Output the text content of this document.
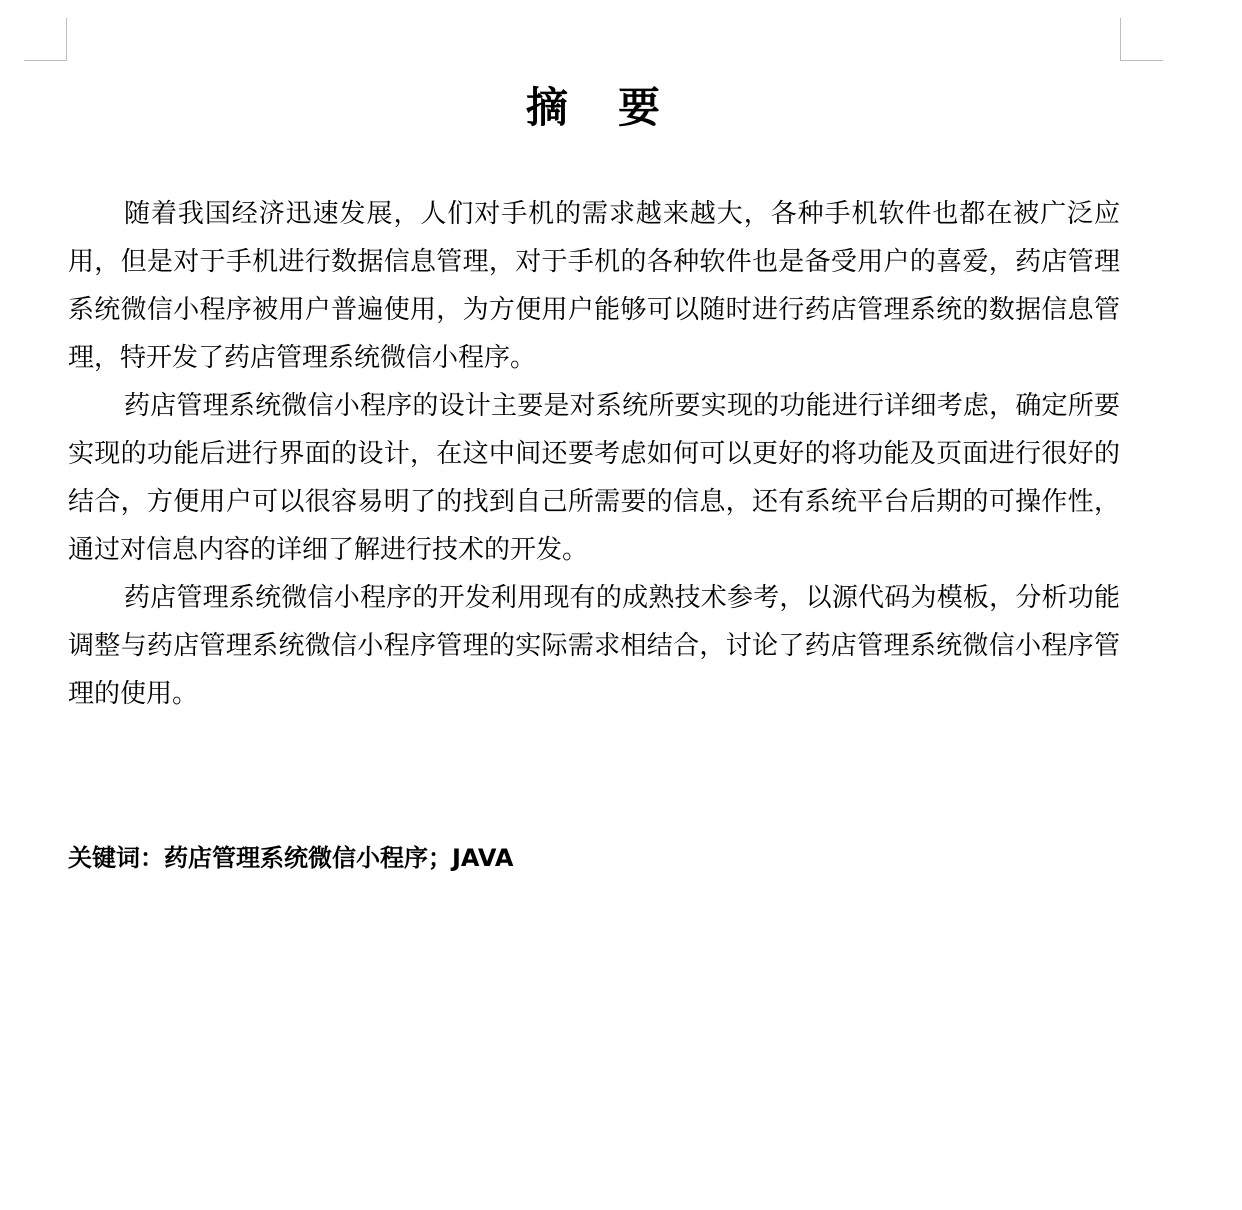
摘 要

随着我国经济迅速发展，人们对手机的需求越来越大，各种手机软件也都在被广泛应用，但是对于手机进行数据信息管理，对于手机的各种软件也是备受用户的喜爱，药店管理系统微信小程序被用户普遍使用，为方便用户能够可以随时进行药店管理系统的数据信息管理，特开发了药店管理系统微信小程序。

药店管理系统微信小程序的设计主要是对系统所要实现的功能进行详细考虑，确定所要实现的功能后进行界面的设计，在这中间还要考虑如何可以更好的将功能及页面进行很好的结合，方便用户可以很容易明了的找到自己所需要的信息，还有系统平台后期的可操作性，通过对信息内容的详细了解进行技术的开发。

药店管理系统微信小程序的开发利用现有的成熟技术参考，以源代码为模板，分析功能调整与药店管理系统微信小程序管理的实际需求相结合，讨论了药店管理系统微信小程序管理的使用。

关键词：药店管理系统微信小程序；JAVA
